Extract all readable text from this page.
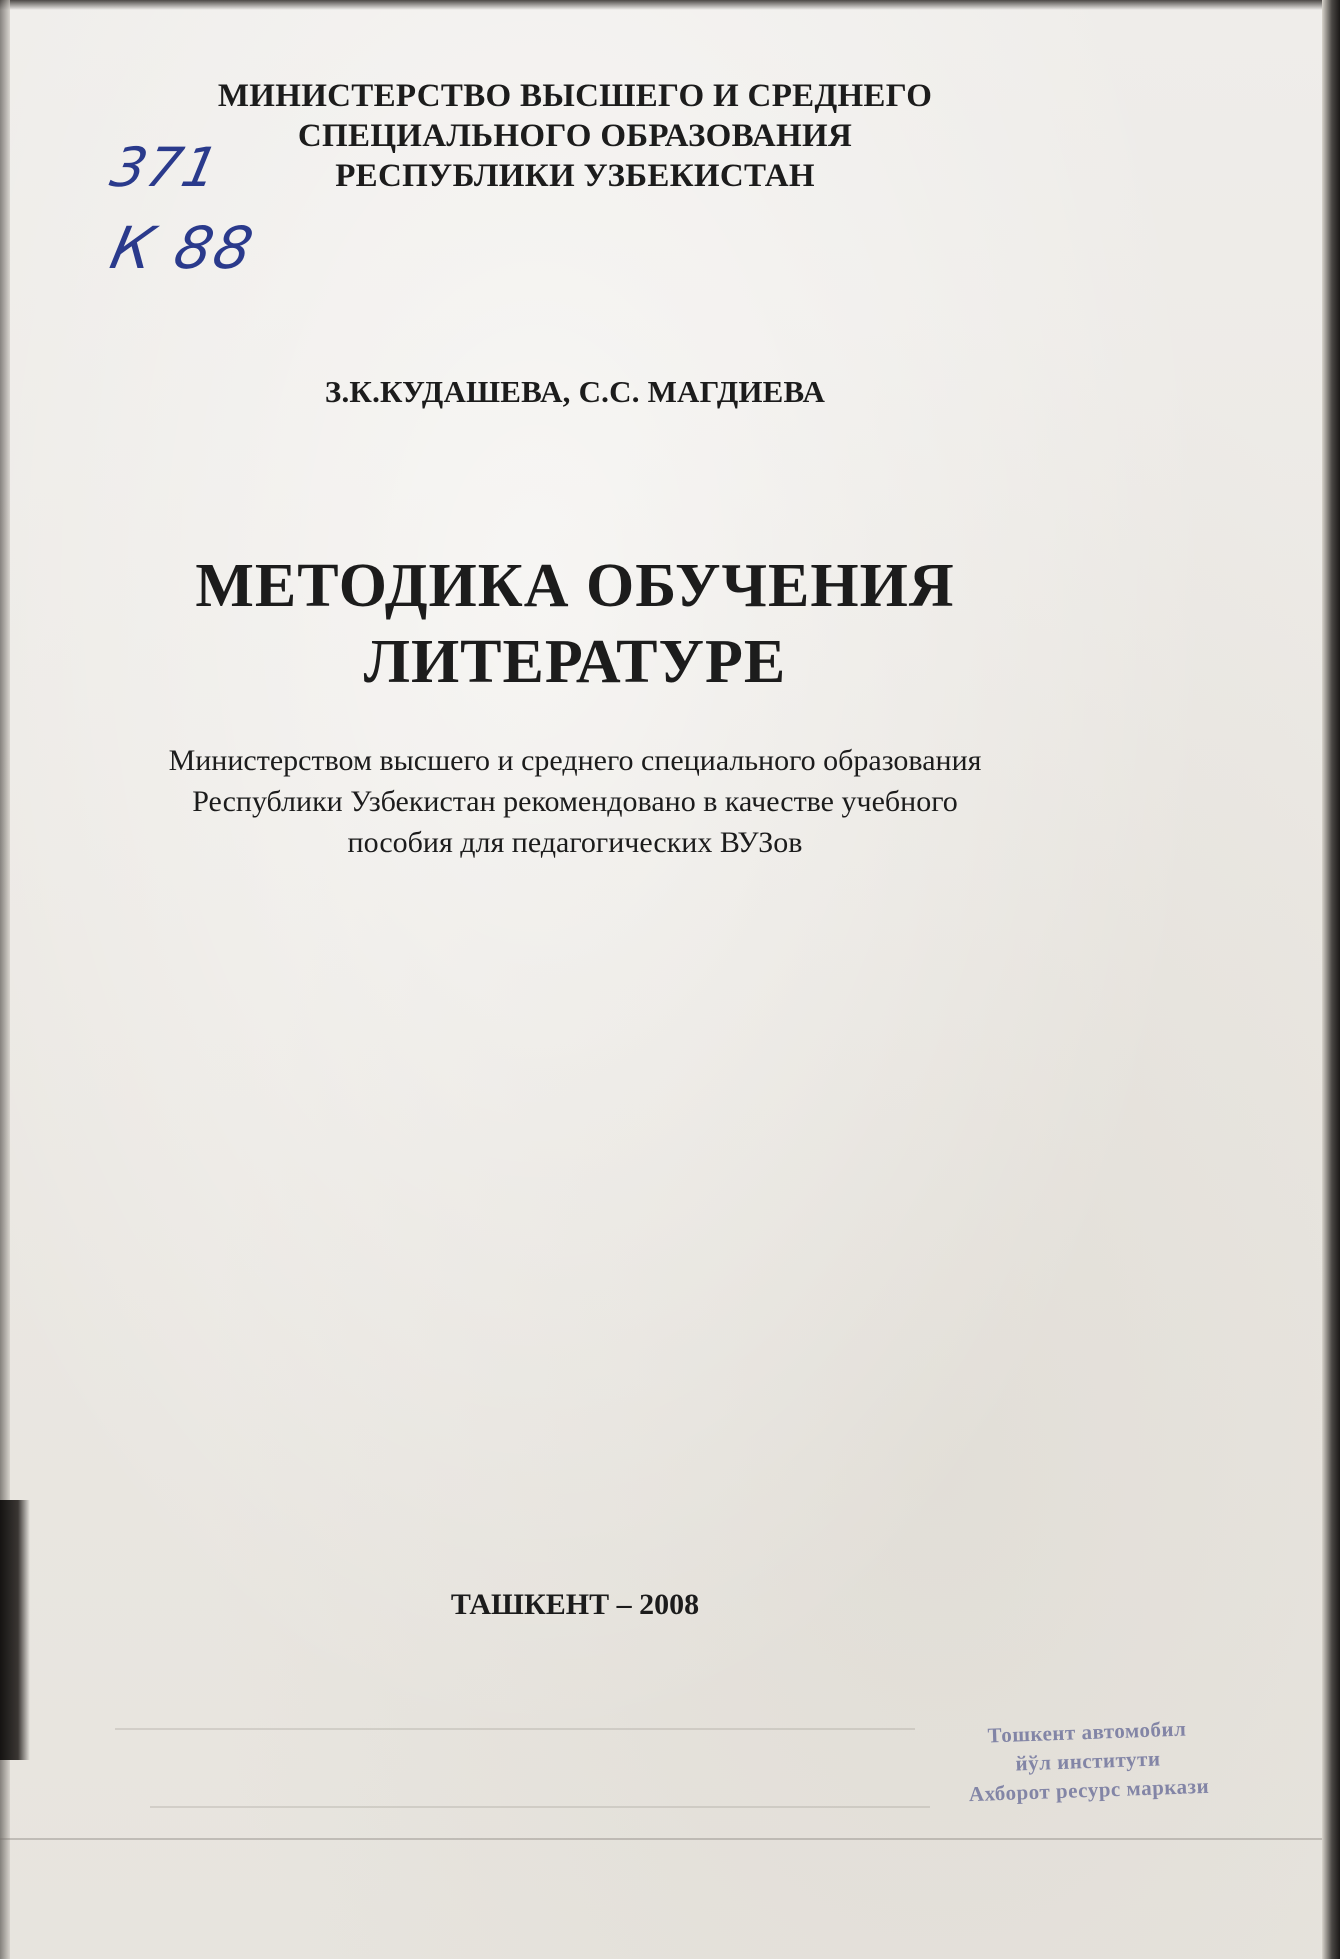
МИНИСТЕРСТВО ВЫСШЕГО И СРЕДНЕГО
СПЕЦИАЛЬНОГО ОБРАЗОВАНИЯ
РЕСПУБЛИКИ УЗБЕКИСТАН
371
К 88
З.К.КУДАШЕВА, С.С. МАГДИЕВА
МЕТОДИКА ОБУЧЕНИЯ
ЛИТЕРАТУРЕ
Министерством высшего и среднего специального образования
Республики Узбекистан рекомендовано в качестве учебного
пособия для педагогических ВУЗов
ТАШКЕНТ – 2008
Тошкент автомобил
йўл институти
Ахборот ресурс маркази
